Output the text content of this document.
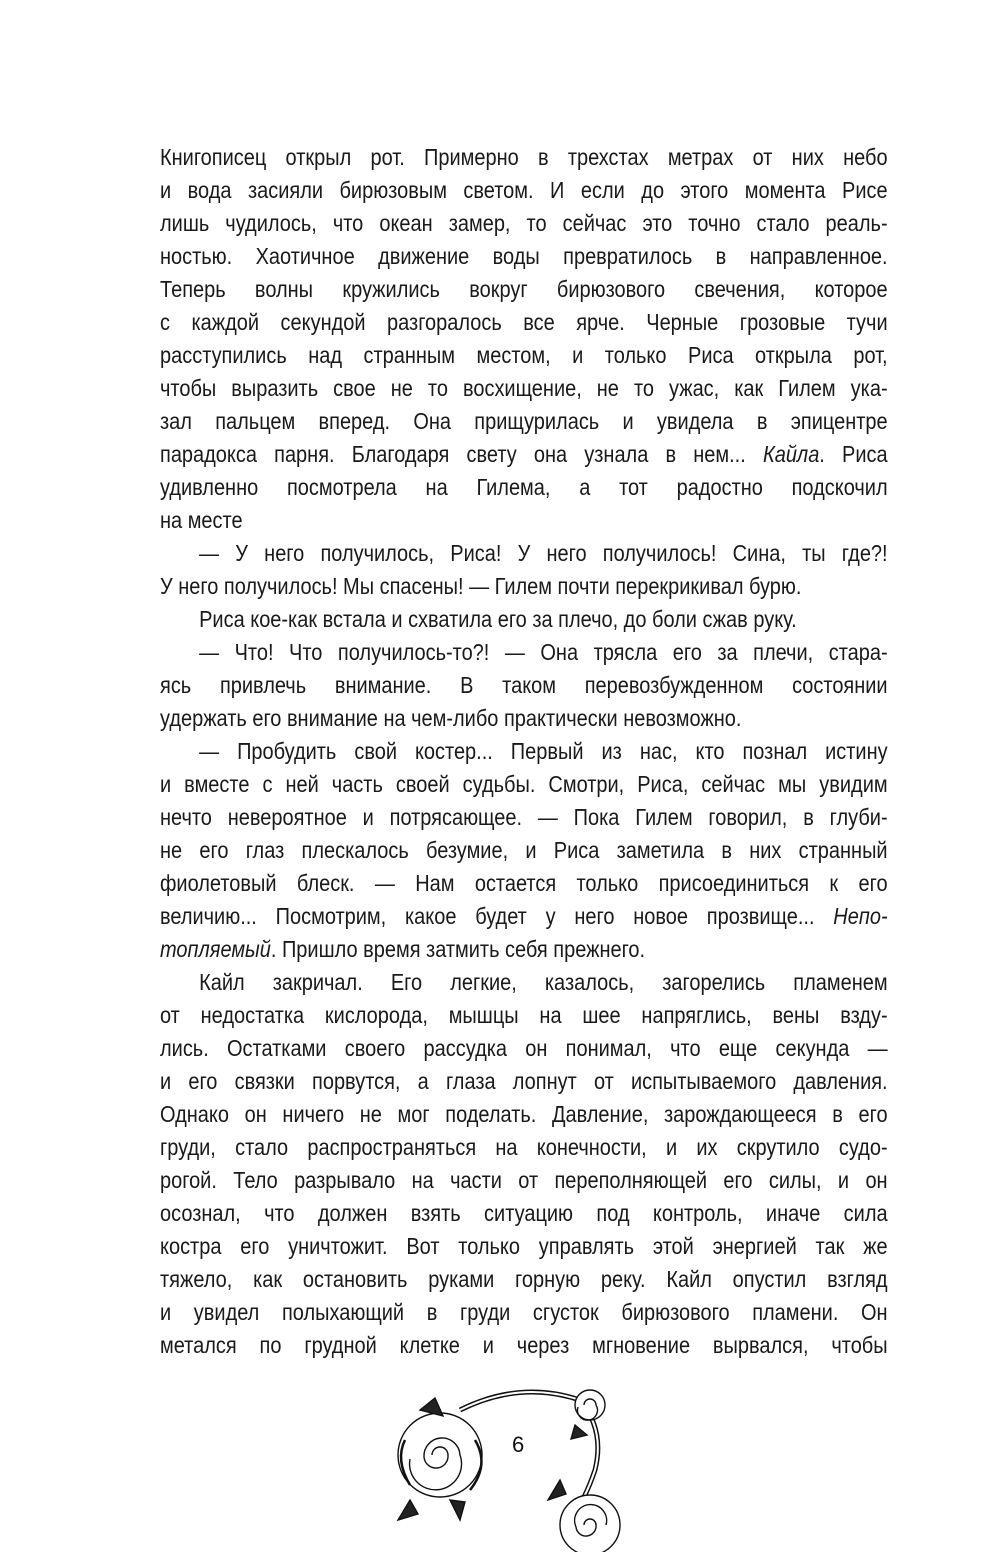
Книгописец открыл рот. Примерно в трехстах метрах от них небо
и вода засияли бирюзовым светом. И если до этого момента Рисе
лишь чудилось, что океан замер, то сейчас это точно стало реаль-
ностью. Хаотичное движение воды превратилось в направленное.
Теперь волны кружились вокруг бирюзового свечения, которое
с каждой секундой разгоралось все ярче. Черные грозовые тучи
расступились над странным местом, и только Риса открыла рот,
чтобы выразить свое не то восхищение, не то ужас, как Гилем ука-
зал пальцем вперед. Она прищурилась и увидела в эпицентре
парадокса парня. Благодаря свету она узнала в нем... Кайла. Риса
удивленно посмотрела на Гилема, а тот радостно подскочил
на месте
— У него получилось, Риса! У него получилось! Сина, ты где?!
У него получилось! Мы спасены! — Гилем почти перекрикивал бурю.
Риса кое-как встала и схватила его за плечо, до боли сжав руку.
— Что! Что получилось-то?! — Она трясла его за плечи, стара-
ясь привлечь внимание. В таком перевозбужденном состоянии
удержать его внимание на чем-либо практически невозможно.
— Пробудить свой костер... Первый из нас, кто познал истину
и вместе с ней часть своей судьбы. Смотри, Риса, сейчас мы увидим
нечто невероятное и потрясающее. — Пока Гилем говорил, в глуби-
не его глаз плескалось безумие, и Риса заметила в них странный
фиолетовый блеск. — Нам остается только присоединиться к его
величию... Посмотрим, какое будет у него новое прозвище... Непо-
топляемый. Пришло время затмить себя прежнего.
Кайл закричал. Его легкие, казалось, загорелись пламенем
от недостатка кислорода, мышцы на шее напряглись, вены взду-
лись. Остатками своего рассудка он понимал, что еще секунда —
и его связки порвутся, а глаза лопнут от испытываемого давления.
Однако он ничего не мог поделать. Давление, зарождающееся в его
груди, стало распространяться на конечности, и их скрутило судо-
рогой. Тело разрывало на части от переполняющей его силы, и он
осознал, что должен взять ситуацию под контроль, иначе сила
костра его уничтожит. Вот только управлять этой энергией так же
тяжело, как остановить руками горную реку. Кайл опустил взгляд
и увидел полыхающий в груди сгусток бирюзового пламени. Он
метался по грудной клетке и через мгновение вырвался, чтобы
6
